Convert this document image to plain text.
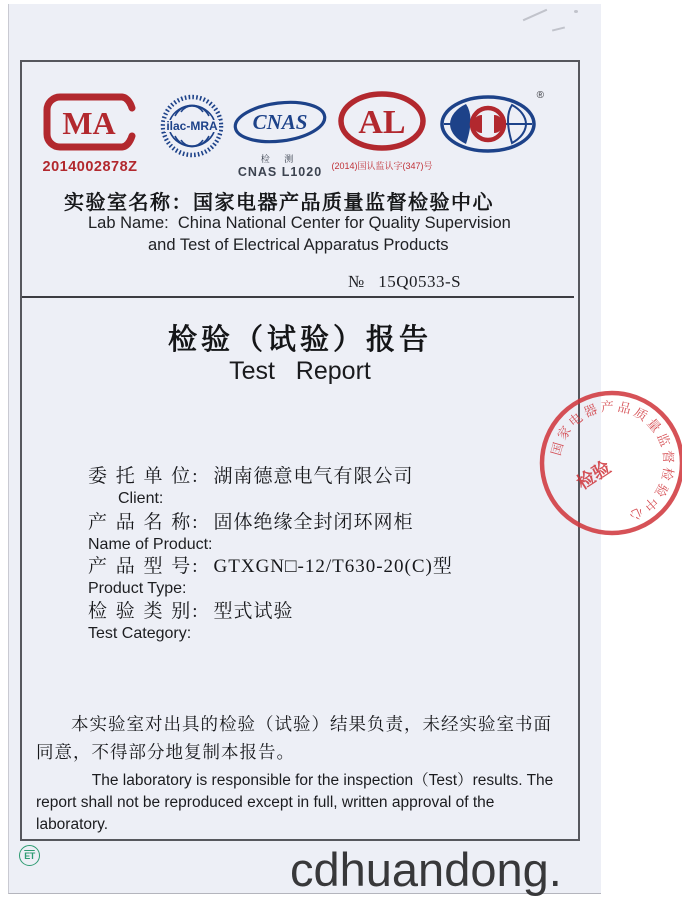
MA
2014002878Z
ilac-MRA CNAS
检 测
CNAS L1020
AL
(2014)国认监认字(347)号
®
实验室名称：国家电器产品质量监督检验中心
Lab Name:  China National Center for Quality Supervision
and Test of Electrical Apparatus Products
№ 15Q0533-S
检验（试验）报告
Test   Report
委 托 单 位: 湖南德意电气有限公司
Client:
产 品 名 称: 固体绝缘全封闭环网柜
Name of Product:
产 品 型 号: GTXGN□-12/T630-20(C)型
Product Type:
检 验 类 别: 型式试验
Test Category:
本实验室对出具的检验（试验）结果负责，未经实验室书面同意，不得部分地复制本报告。
The laboratory is responsible for the inspection（Test）results. The report shall not be reproduced except in full, written approval of the laboratory.
国家电器产品质量监督检验中心
检验
$\overline{ET}$	cdhuandong.
